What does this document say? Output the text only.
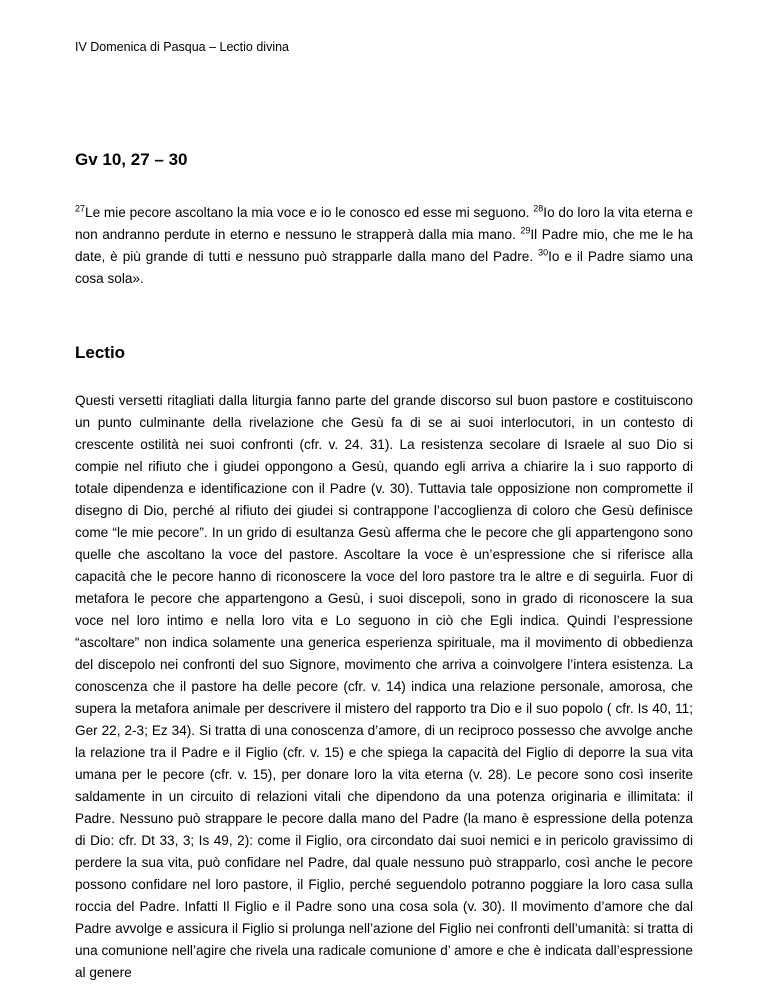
IV Domenica di Pasqua – Lectio divina
Gv 10, 27 – 30

$^{27}$Le mie pecore ascoltano la mia voce e io le conosco ed esse mi seguono. $^{28}$Io do loro la vita eterna e non andranno perdute in eterno e nessuno le strapperà dalla mia mano. $^{29}$Il Padre mio, che me le ha date, è più grande di tutti e nessuno può strapparle dalla mano del Padre. $^{30}$Io e il Padre siamo una cosa sola».

Lectio

Questi versetti ritagliati dalla liturgia fanno parte del grande discorso sul buon pastore e costituiscono un punto culminante della rivelazione che Gesù fa di se ai suoi interlocutori, in un contesto di crescente ostilità nei suoi confronti (cfr. v. 24. 31). La resistenza secolare di Israele al suo Dio si compie nel rifiuto che i giudei oppongono a Gesù, quando egli arriva a chiarire la i suo rapporto di totale dipendenza e identificazione con il Padre (v. 30). Tuttavia tale opposizione non compromette il disegno di Dio, perché al rifiuto dei giudei si contrappone l’accoglienza di coloro che Gesù definisce come “le mie pecore”. In un grido di esultanza Gesù afferma che le pecore che gli appartengono sono quelle che ascoltano la voce del pastore. Ascoltare la voce è un’espressione che si riferisce alla capacità che le pecore hanno di riconoscere la voce del loro pastore tra le altre e di seguirla. Fuor di metafora le pecore che appartengono a Gesù, i suoi discepoli, sono in grado di riconoscere la sua voce nel loro intimo e nella loro vita e Lo seguono in ciò che Egli indica. Quindi l’espressione “ascoltare” non indica solamente una generica esperienza spirituale, ma il movimento di obbedienza del discepolo nei confronti del suo Signore, movimento che arriva a coinvolgere l’intera esistenza. La conoscenza che il pastore ha delle pecore (cfr. v. 14) indica una relazione personale, amorosa, che supera la metafora animale per descrivere il mistero del rapporto tra Dio e il suo popolo ( cfr. Is 40, 11; Ger 22, 2-3; Ez 34). Si tratta di una conoscenza d’amore, di un reciproco possesso che avvolge anche la relazione tra il Padre e il Figlio (cfr. v. 15) e che spiega la capacità del Figlio di deporre la sua vita umana per le pecore (cfr. v. 15), per donare loro la vita eterna (v. 28). Le pecore sono così inserite saldamente in un circuito di relazioni vitali che dipendono da una potenza originaria e illimitata: il Padre. Nessuno può strappare le pecore dalla mano del Padre (la mano è espressione della potenza di Dio: cfr. Dt 33, 3; Is 49, 2): come il Figlio, ora circondato dai suoi nemici e in pericolo gravissimo di perdere la sua vita, può confidare nel Padre, dal quale nessuno può strapparlo, così anche le pecore possono confidare nel loro pastore, il Figlio, perché seguendolo potranno poggiare la loro casa sulla roccia del Padre. Infatti Il Figlio e il Padre sono una cosa sola (v. 30). Il movimento d’amore che dal Padre avvolge e assicura il Figlio si prolunga nell’azione del Figlio nei confronti dell’umanità: si tratta di una comunione nell’agire che rivela una radicale comunione d’ amore e che è indicata dall’espressione al genere
